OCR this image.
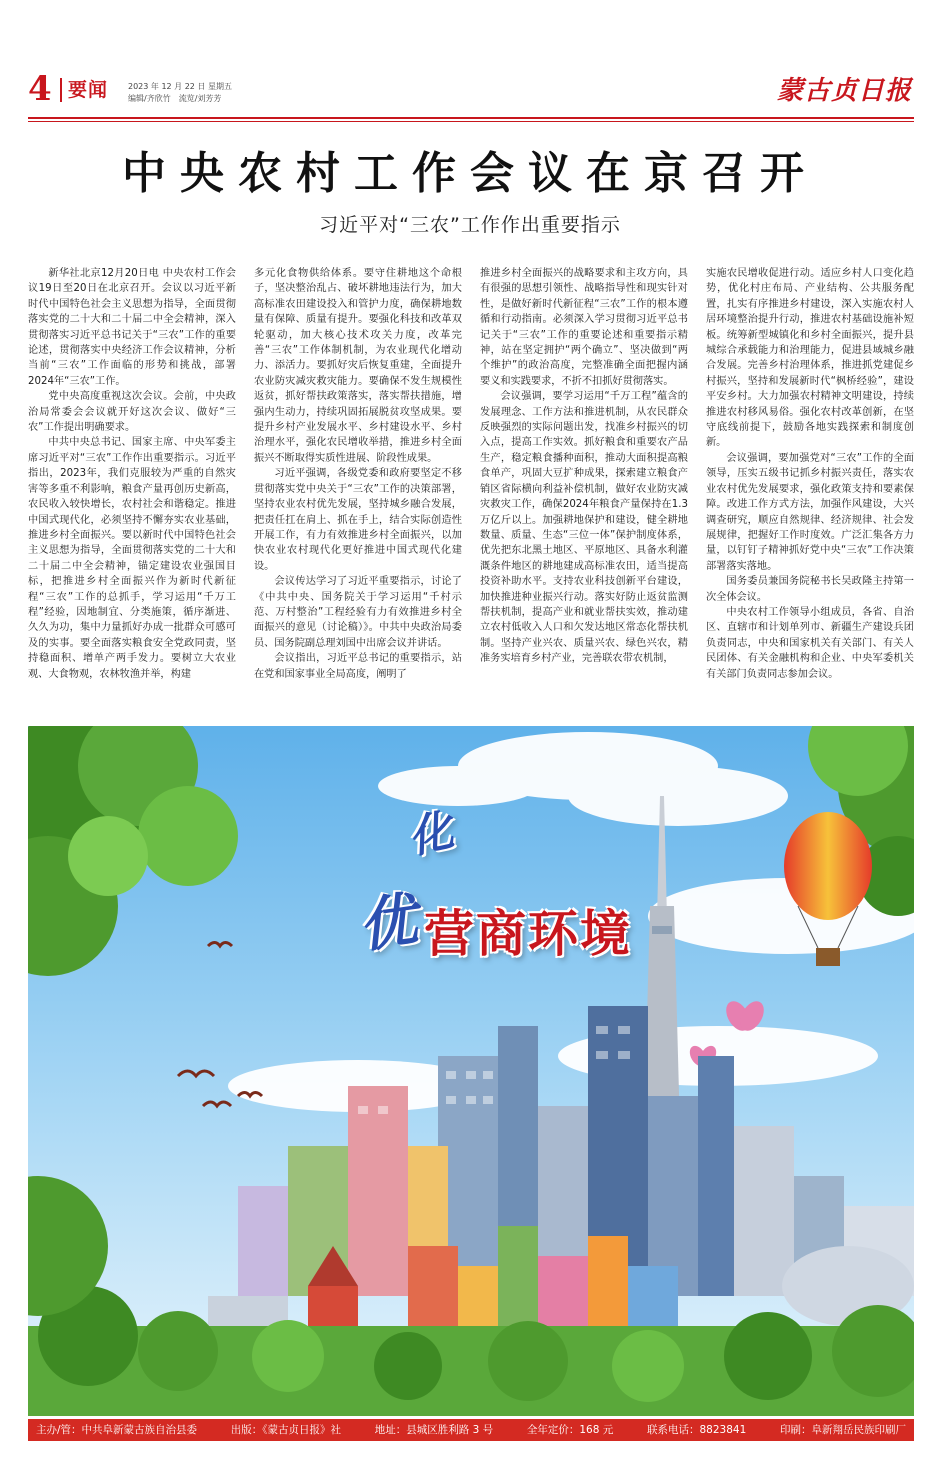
4 要闻 2023 年 12 月 22 日 星期五
编辑/齐欣竹　流览/刘芳芳	蒙古贞日报
中央农村工作会议在京召开
习近平对“三农”工作作出重要指示

新华社北京12月20日电 中央农村工作会议19日至20日在北京召开。会议以习近平新时代中国特色社会主义思想为指导，全面贯彻落实党的二十大和二十届二中全会精神，深入贯彻落实习近平总书记关于“三农”工作的重要论述，贯彻落实中央经济工作会议精神，分析当前“三农”工作面临的形势和挑战，部署2024年“三农”工作。

党中央高度重视这次会议。会前，中央政治局常委会会议就开好这次会议、做好“三农”工作提出明确要求。

中共中央总书记、国家主席、中央军委主席习近平对“三农”工作作出重要指示。习近平指出，2023年，我们克服较为严重的自然灾害等多重不利影响，粮食产量再创历史新高，农民收入较快增长，农村社会和谐稳定。推进中国式现代化，必须坚持不懈夯实农业基础，推进乡村全面振兴。要以新时代中国特色社会主义思想为指导，全面贯彻落实党的二十大和二十届二中全会精神，锚定建设农业强国目标，把推进乡村全面振兴作为新时代新征程“三农”工作的总抓手，学习运用“千万工程”经验，因地制宜、分类施策，循序渐进、久久为功，集中力量抓好办成一批群众可感可及的实事。要全面落实粮食安全党政同责，坚持稳面积、增单产两手发力。要树立大农业观、大食物观，农林牧渔并举，构建

多元化食物供给体系。要守住耕地这个命根子，坚决整治乱占、破坏耕地违法行为，加大高标准农田建设投入和管护力度，确保耕地数量有保障、质量有提升。要强化科技和改革双轮驱动，加大核心技术攻关力度，改革完善“三农”工作体制机制，为农业现代化增动力、添活力。要抓好灾后恢复重建，全面提升农业防灾减灾救灾能力。要确保不发生规模性返贫，抓好帮扶政策落实，落实帮扶措施，增强内生动力，持续巩固拓展脱贫攻坚成果。要提升乡村产业发展水平、乡村建设水平、乡村治理水平，强化农民增收举措，推进乡村全面振兴不断取得实质性进展、阶段性成果。

习近平强调，各级党委和政府要坚定不移贯彻落实党中央关于“三农”工作的决策部署，坚持农业农村优先发展，坚持城乡融合发展，把责任扛在肩上、抓在手上，结合实际创造性开展工作，有力有效推进乡村全面振兴，以加快农业农村现代化更好推进中国式现代化建设。

会议传达学习了习近平重要指示，讨论了《中共中央、国务院关于学习运用“千村示范、万村整治”工程经验有力有效推进乡村全面振兴的意见（讨论稿）》。中共中央政治局委员、国务院副总理刘国中出席会议并讲话。

会议指出，习近平总书记的重要指示，站在党和国家事业全局高度，阐明了

推进乡村全面振兴的战略要求和主攻方向，具有很强的思想引领性、战略指导性和现实针对性，是做好新时代新征程“三农”工作的根本遵循和行动指南。必须深入学习贯彻习近平总书记关于“三农”工作的重要论述和重要指示精神，站在坚定拥护“两个确立”、坚决做到“两个维护”的政治高度，完整准确全面把握内涵要义和实践要求，不折不扣抓好贯彻落实。

会议强调，要学习运用“千万工程”蕴含的发展理念、工作方法和推进机制，从农民群众反映强烈的实际问题出发，找准乡村振兴的切入点，提高工作实效。抓好粮食和重要农产品生产，稳定粮食播种面积，推动大面积提高粮食单产，巩固大豆扩种成果，探索建立粮食产销区省际横向利益补偿机制，做好农业防灾减灾救灾工作，确保2024年粮食产量保持在1.3万亿斤以上。加强耕地保护和建设，健全耕地数量、质量、生态“三位一体”保护制度体系，优先把东北黑土地区、平原地区、具备水利灌溉条件地区的耕地建成高标准农田，适当提高投资补助水平。支持农业科技创新平台建设，加快推进种业振兴行动。落实好防止返贫监测帮扶机制，提高产业和就业帮扶实效，推动建立农村低收入人口和欠发达地区常态化帮扶机制。坚持产业兴农、质量兴农、绿色兴农，精准务实培育乡村产业，完善联农带农机制，

实施农民增收促进行动。适应乡村人口变化趋势，优化村庄布局、产业结构、公共服务配置，扎实有序推进乡村建设，深入实施农村人居环境整治提升行动，推进农村基础设施补短板。统筹新型城镇化和乡村全面振兴，提升县城综合承载能力和治理能力，促进县域城乡融合发展。完善乡村治理体系，推进抓党建促乡村振兴，坚持和发展新时代“枫桥经验”，建设平安乡村。大力加强农村精神文明建设，持续推进农村移风易俗。强化农村改革创新，在坚守底线前提下，鼓励各地实践探索和制度创新。

会议强调，要加强党对“三农”工作的全面领导，压实五级书记抓乡村振兴责任，落实农业农村优先发展要求，强化政策支持和要素保障。改进工作方式方法，加强作风建设，大兴调查研究，顺应自然规律、经济规律、社会发展规律，把握好工作时度效。广泛汇集各方力量，以钉钉子精神抓好党中央“三农”工作决策部署落实落地。

国务委员兼国务院秘书长吴政隆主持第一次全体会议。

中央农村工作领导小组成员，各省、自治区、直辖市和计划单列市、新疆生产建设兵团负责同志，中央和国家机关有关部门、有关人民团体、有关金融机构和企业、中央军委机关有关部门负责同志参加会议。

化
优 营商环境
主办/管：中共阜新蒙古族自治县委	出版：《蒙古贞日报》社	地址：县城区胜利路 3 号	全年定价：168 元	联系电话：8823841	印刷：阜新翔岳民族印刷厂
